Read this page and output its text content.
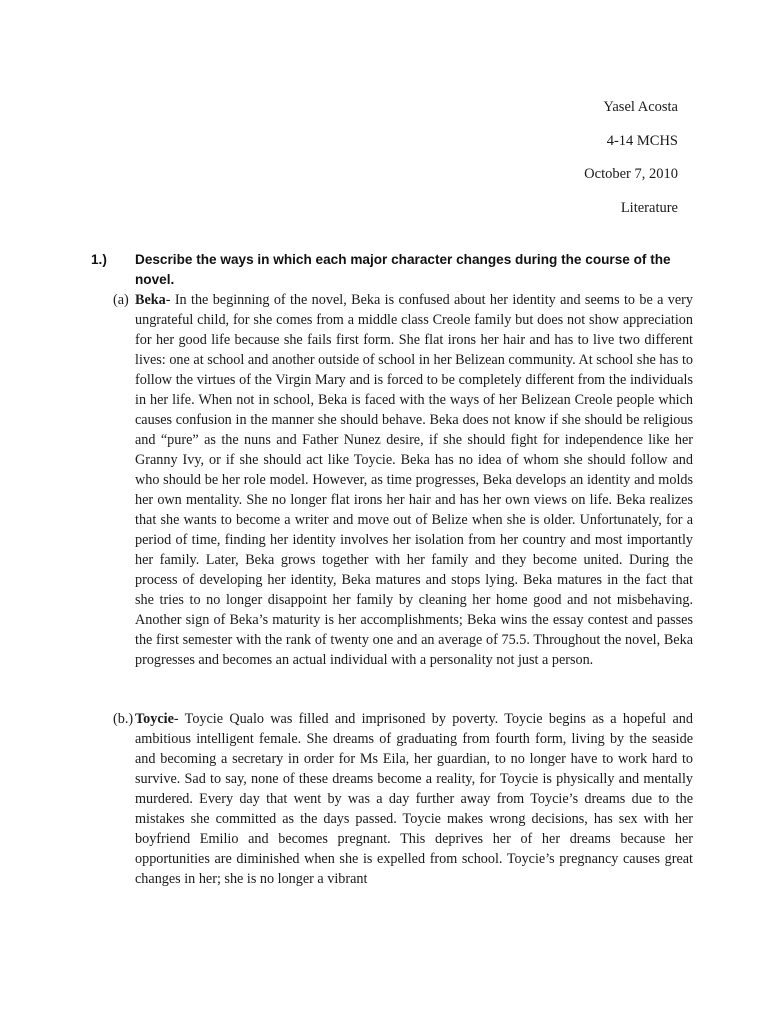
Yasel Acosta
4-14 MCHS
October 7, 2010
Literature
1.) Describe the ways in which each major character changes during the course of the novel.
(a) Beka- In the beginning of the novel, Beka is confused about her identity and seems to be a very ungrateful child, for she comes from a middle class Creole family but does not show appreciation for her good life because she fails first form. She flat irons her hair and has to live two different lives: one at school and another outside of school in her Belizean community. At school she has to follow the virtues of the Virgin Mary and is forced to be completely different from the individuals in her life. When not in school, Beka is faced with the ways of her Belizean Creole people which causes confusion in the manner she should behave. Beka does not know if she should be religious and “pure” as the nuns and Father Nunez desire, if she should fight for independence like her Granny Ivy, or if she should act like Toycie. Beka has no idea of whom she should follow and who should be her role model. However, as time progresses, Beka develops an identity and molds her own mentality. She no longer flat irons her hair and has her own views on life. Beka realizes that she wants to become a writer and move out of Belize when she is older. Unfortunately, for a period of time, finding her identity involves her isolation from her country and most importantly her family. Later, Beka grows together with her family and they become united. During the process of developing her identity, Beka matures and stops lying. Beka matures in the fact that she tries to no longer disappoint her family by cleaning her home good and not misbehaving. Another sign of Beka’s maturity is her accomplishments; Beka wins the essay contest and passes the first semester with the rank of twenty one and an average of 75.5. Throughout the novel, Beka progresses and becomes an actual individual with a personality not just a person.
(b.) Toycie- Toycie Qualo was filled and imprisoned by poverty. Toycie begins as a hopeful and ambitious intelligent female. She dreams of graduating from fourth form, living by the seaside and becoming a secretary in order for Ms Eila, her guardian, to no longer have to work hard to survive. Sad to say, none of these dreams become a reality, for Toycie is physically and mentally murdered. Every day that went by was a day further away from Toycie’s dreams due to the mistakes she committed as the days passed. Toycie makes wrong decisions, has sex with her boyfriend Emilio and becomes pregnant. This deprives her of her dreams because her opportunities are diminished when she is expelled from school. Toycie’s pregnancy causes great changes in her; she is no longer a vibrant
